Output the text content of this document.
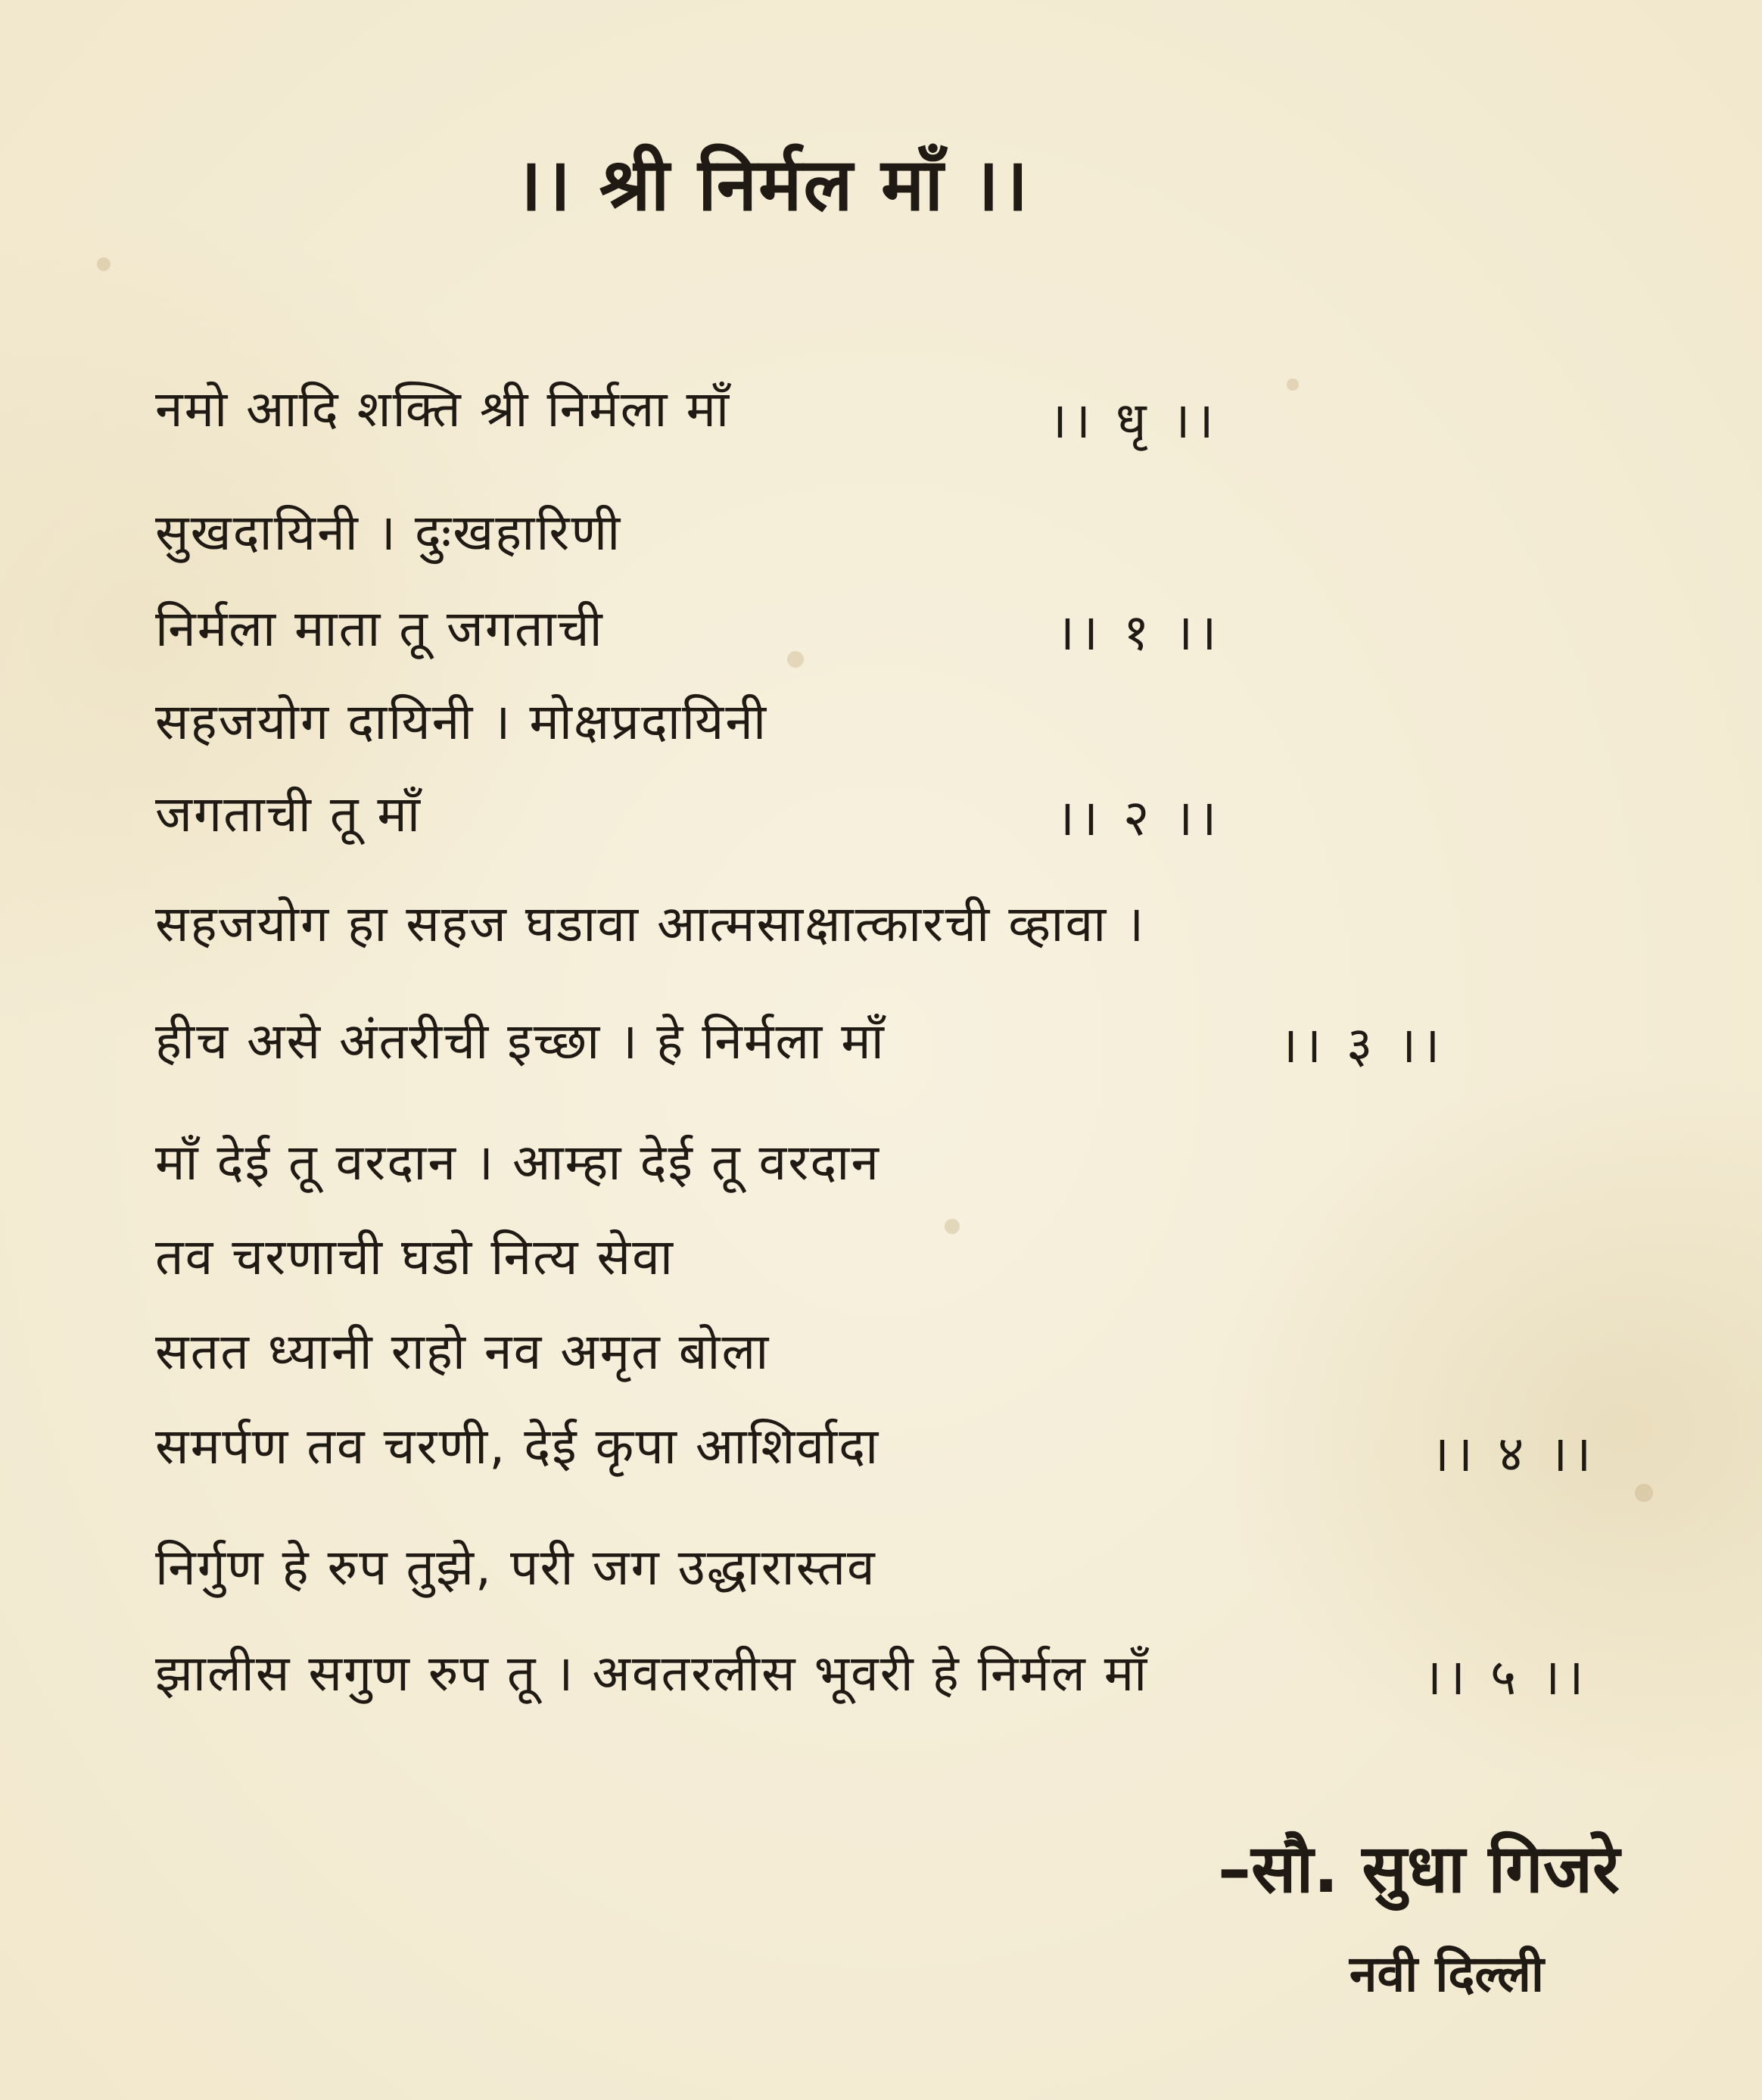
।। श्री निर्मल माँ ।।
नमो आदि शक्ति श्री निर्मला माँ	।। धृ ।।
सुखदायिनी । दुःखहारिणी
निर्मला माता तू जगताची	।। १ ।।
सहजयोग दायिनी । मोक्षप्रदायिनी
जगताची तू माँ	।। २ ।।
सहजयोग हा सहज घडावा आत्मसाक्षात्कारची व्हावा ।
हीच असे अंतरीची इच्छा । हे निर्मला माँ	।। ३ ।।
माँ देई तू वरदान । आम्हा देई तू वरदान
तव चरणाची घडो नित्य सेवा
सतत ध्यानी राहो नव अमृत बोला
समर्पण तव चरणी, देई कृपा आशिर्वादा	।। ४ ।।
निर्गुण हे रुप तुझे, परी जग उद्धारास्तव
झालीस सगुण रुप तू । अवतरलीस भूवरी हे निर्मल माँ	।। ५ ।।
–सौ. सुधा गिजरे
नवी दिल्ली
